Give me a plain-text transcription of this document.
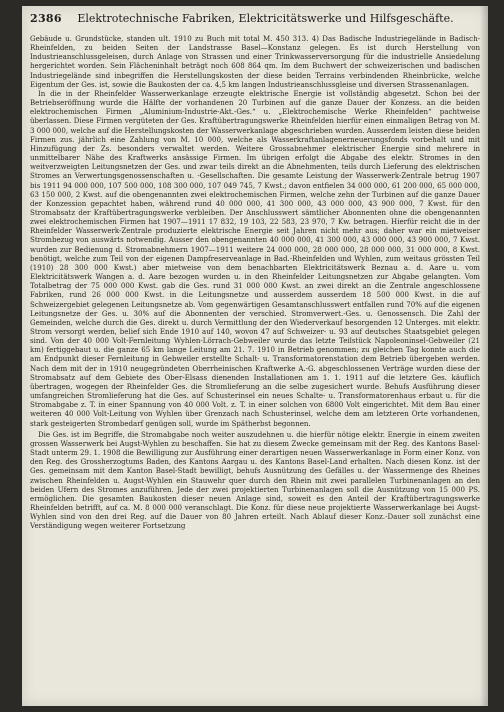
2386 Elektrotechnische Fabriken, Elektricitätswerke und Hilfsgeschäfte.

Gebäude u. Grundstücke, standen ult. 1910 zu Buch mit total M. 450 313. 4) Das Badische Industriegelände in Badisch-Rheinfelden, zu beiden Seiten der Landstrasse Basel—Konstanz gelegen. Es ist durch Herstellung von Industrieanschlussgeleisen, durch Anlage von Strassen und einer Trinkwasserversorgung für die industrielle Ansiedelung hergerichtet worden. Sein Flächeninhalt beträgt noch 608 864 qm. Im dem Buchwert der schweizerischen und badischen Industriegelände sind inbegriffen die Herstellungskosten der diese beiden Terrains verbindenden Rheinbrücke, welche Eigentum der Ges. ist, sowie die Baukosten der ca. 4,5 km langen Industrieanschlussgleise und diversen Strassenanlagen.

In die in der Rheinfelder Wasserwerkanlage erzeugte elektrische Energie ist vollständig abgesetzt. Schon bei der Betriebseröffnung wurde die Hälfte der vorhandenen 20 Turbinen auf die ganze Dauer der Konzess. an die beiden elektrochemischen Firmen „Aluminium-Industrie-Akt.-Ges.“ u. „Elektrochemische Werke Rheinfelden“ pachtweise überlassen. Diese Firmen vergüteten der Ges. Kraftübertragungswerke Rheinfelden hierfür einen einmaligen Betrag von M. 3 000 000, welche auf die Herstellungskosten der Wasserwerkanlage abgeschrieben wurden. Ausserdem leisten diese beiden Firmen zus. jährlich eine Zahlung von M. 10 000, welche als Wasserkraftanlagenerneuerungsfonds vorbehalt und mit Hinzufügung der Zs. besonders verwaltet werden. Weitere Grossabnehmer elektrischer Energie sind mehrere in unmittelbarer Nähe des Kraftwerks ansässige Firmen. Im übrigen erfolgt die Abgabe des elektr. Stromes in den weitverzweigten Leitungsnetzen der Ges. und zwar teils direkt an die Abnehmenten, teils durch Lieferung des elektrischen Stromes an Verwertungsgenossenschaften u. -Gesellschaften. Die gesamte Leistung der Wasserwerk-Zentrale betrug 1907 bis 1911 94 000 000, 107 500 000, 108 300 000, 107 049 745, 7 Kwst.; davon entfielen 34 000 000, 61 200 000, 65 000 000, 63 150 000, 2 Kwst. auf die obengenannten zwei elektrochemischen Firmen, welche zehn der Turbinen auf die ganze Dauer der Konzession gepachtet haben, während rund 40 000 000, 41 300 000, 43 000 000, 43 900 000, 7 Kwst. für den Stromabsatz der Kraftübertragungswerke verbleiben. Der Anschlusswert sämtlicher Abonnenten ohne die obengenannten zwei elektrochemischen Firmen hat 1907—1911 17 832, 19 103, 22 583, 23 970, 7 Kw. betragen. Hierfür reicht die in der Rheinfelder Wasserwerk-Zentrale produzierte elektrische Energie seit Jahren nicht mehr aus; daher war ein mietweiser Strombezug von auswärts notwendig. Ausser den obengenannten 40 000 000, 41 300 000, 43 000 000, 43 900 000, 7 Kwst. wurden zur Bedienung d. Stromabnehmern 1907—1911 weitere 24 000 000, 28 000 000, 28 000 000, 31 000 000, 8 Kwst. benötigt, welche zum Teil von der eigenen Dampfreserveanlage in Bad.-Rheinfelden und Wyhlen, zum weitaus grössten Teil (1910) 28 300 000 Kwst.) aber mietweise von dem benachbarten Elektricitätswerk Beznau a. d. Aare u. vom Elektricitätswerk Wangen a. d. Aare bezogen wurden u. in den Rheinfelder Leitungsnetzen zur Abgabe gelangten. Vom Totalbetrag der 75 000 000 Kwst. gab die Ges. rund 31 000 000 Kwst. an zwei direkt an die Zentrale angeschlossene Fabriken, rund 26 000 000 Kwst. in die Leitungsnetze und ausserdem ausserdem 18 500 000 Kwst. in die auf Schweizergebiet gelegenen Leitungsnetze ab. Vom gegenwärtigen Gesamtanschlusswert entfallen rund 70% auf die eigenen Leitungsnetze der Ges. u. 30% auf die Abonnenten der verschied. Stromverwert.-Ges. u. Genossensch. Die Zahl der Gemeinden, welche durch die Ges. direkt u. durch Vermittlung der den Wiederverkauf besorgenden 12 Unterges. mit elektr. Strom versorgt werden, belief sich Ende 1910 auf 140, wovon 47 auf Schweizer- u. 93 auf deutsches Staatsgebiet gelegen sind. Von der 40 000 Volt-Fernleitung Wyhlen-Lörrach-Gebweiler wurde das letzte Teilstück Napoleoninsel-Gebweiler (21 km) fertiggebaut u. die ganze 65 km lange Leitung am 21. 7. 1910 in Betrieb genommen; zu gleichen Tag konnte auch die am Endpunkt dieser Fernleitung in Gebweiler erstellte Schalt- u. Transformatorenstation dem Betrieb übergeben werden. Nach dem mit der in 1910 neugegründeten Oberrheinischen Kraftwerke A.-G. abgeschlossenen Verträge wurden diese der Stromabsatz auf dem Gebiete des Ober-Elsass dienenden Installationen am 1. 1. 1911 auf die letztere Ges. käuflich übertragen, wogegen der Rheinfelder Ges. die Stromlieferung an die selbe zugesichert wurde. Behufs Ausführung dieser umfangreichen Stromlieferung hat die Ges. auf Schusterinsel ein neues Schalte- u. Transformatorenhaus erbaut u. für die Stromabgabe z. T. in einer Spannung von 40 000 Volt. z. T. in einer solchen von 6800 Volt eingerichtet. Mit dem Bau einer weiteren 40 000 Volt-Leitung von Wyhlen über Grenzach nach Schusterinsel, welche dem am letzteren Orte vorhandenen, stark gesteigerten Strombedarf genügen soll, wurde im Spätherbst begonnen.

Die Ges. ist im Begriffe, die Stromabgabe noch weiter auszudehnen u. die hierfür nötige elektr. Energie in einem zweiten grossen Wasserwerk bei Augst-Wyhlen zu beschaffen. Sie hat zu diesem Zwecke gemeinsam mit der Reg. des Kantons Basel-Stadt unterm 29. 1. 1908 die Bewilligung zur Ausführung einer derartigen neuen Wasserwerkanlage in Form einer Konz. von den Reg. des Grossherzogtums Baden, des Kantons Aargau u. des Kantons Basel-Land erhalten. Nach diesen Konz. ist der Ges. gemeinsam mit dem Kanton Basel-Stadt bewilligt, behufs Ausnützung des Gefälles u. der Wassermenge des Rheines zwischen Rheinfelden u. Augst-Wyhlen ein Stauwehr quer durch den Rhein mit zwei parallelen Turbinenanlagen an den beiden Ufern des Stromes anzuführen. Jede der zwei projektierten Turbinenanlagen soll die Ausnützung von 15 000 PS. ermöglichen. Die gesamten Baukosten dieser neuen Anlage sind, soweit es den Anteil der Kraftübertragungswerke Rheinfelden betrifft, auf ca. M. 8 000 000 veranschlagt. Die Konz. für diese neue projektierte Wasserwerkanlage bei Augst-Wyhlen sind von den drei Reg. auf die Dauer von 80 Jahren erteilt. Nach Ablauf dieser Konz.-Dauer soll zunächst eine Verständigung wegen weiterer Fortsetzung
